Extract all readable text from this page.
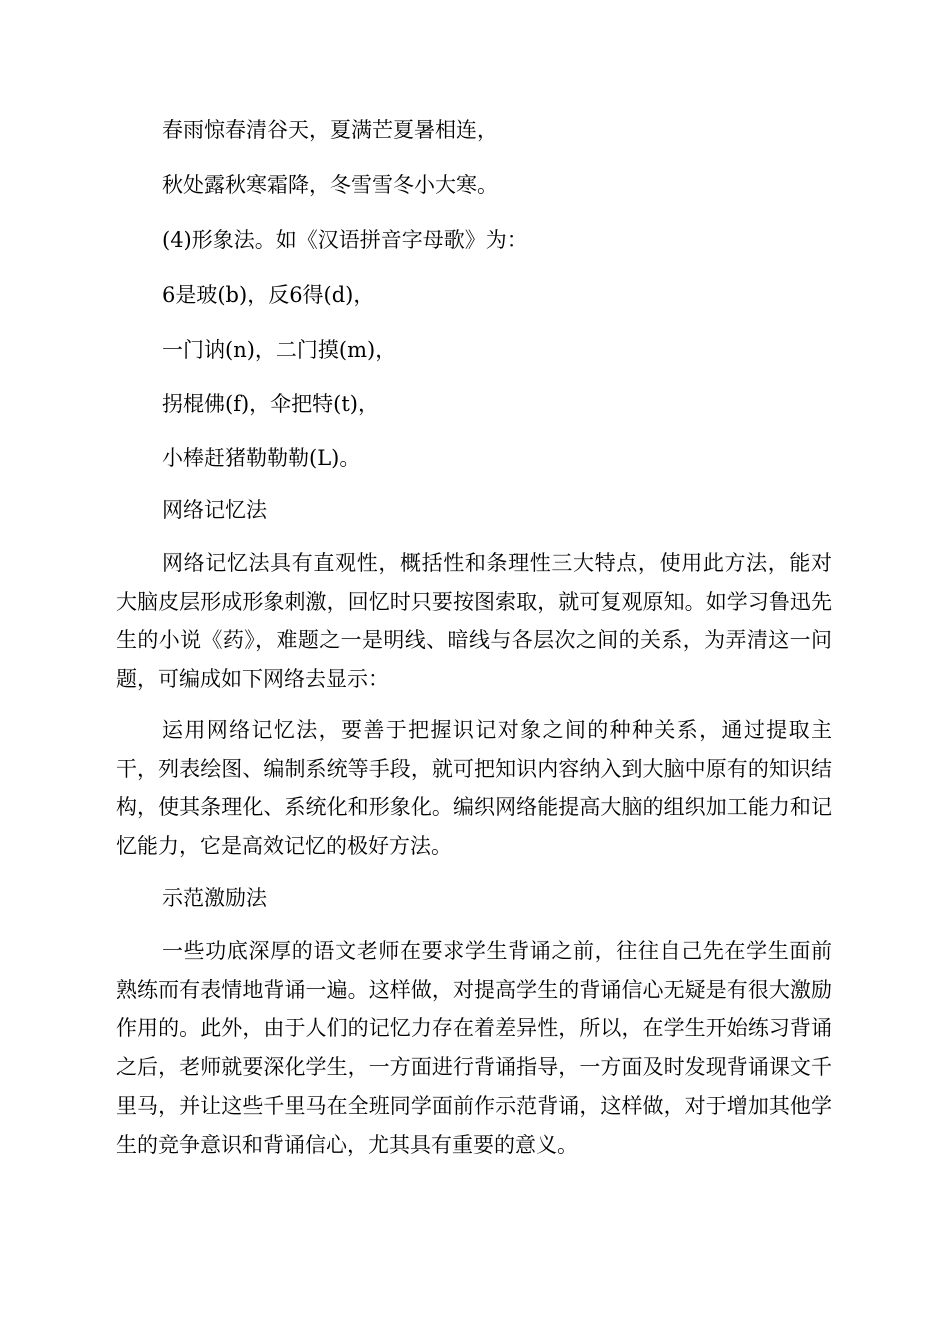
春雨惊春清谷天，夏满芒夏暑相连，
秋处露秋寒霜降，冬雪雪冬小大寒。
(4)形象法。如《汉语拼音字母歌》为：
6是玻(b)，反6得(d)，
一门讷(n)，二门摸(m)，
拐棍佛(f)，伞把特(t)，
小棒赶猪勒勒勒(L)。
网络记忆法
网络记忆法具有直观性，概括性和条理性三大特点，使用此方法，能对大脑皮层形成形象刺激，回忆时只要按图索取，就可复观原知。如学习鲁迅先生的小说《药》，难题之一是明线、暗线与各层次之间的关系，为弄清这一问题，可编成如下网络去显示：
运用网络记忆法，要善于把握识记对象之间的种种关系，通过提取主干，列表绘图、编制系统等手段，就可把知识内容纳入到大脑中原有的知识结构，使其条理化、系统化和形象化。编织网络能提高大脑的组织加工能力和记忆能力，它是高效记忆的极好方法。
示范激励法
一些功底深厚的语文老师在要求学生背诵之前，往往自己先在学生面前熟练而有表情地背诵一遍。这样做，对提高学生的背诵信心无疑是有很大激励作用的。此外，由于人们的记忆力存在着差异性，所以，在学生开始练习背诵之后，老师就要深化学生，一方面进行背诵指导，一方面及时发现背诵课文千里马，并让这些千里马在全班同学面前作示范背诵，这样做，对于增加其他学生的竞争意识和背诵信心，尤其具有重要的意义。
